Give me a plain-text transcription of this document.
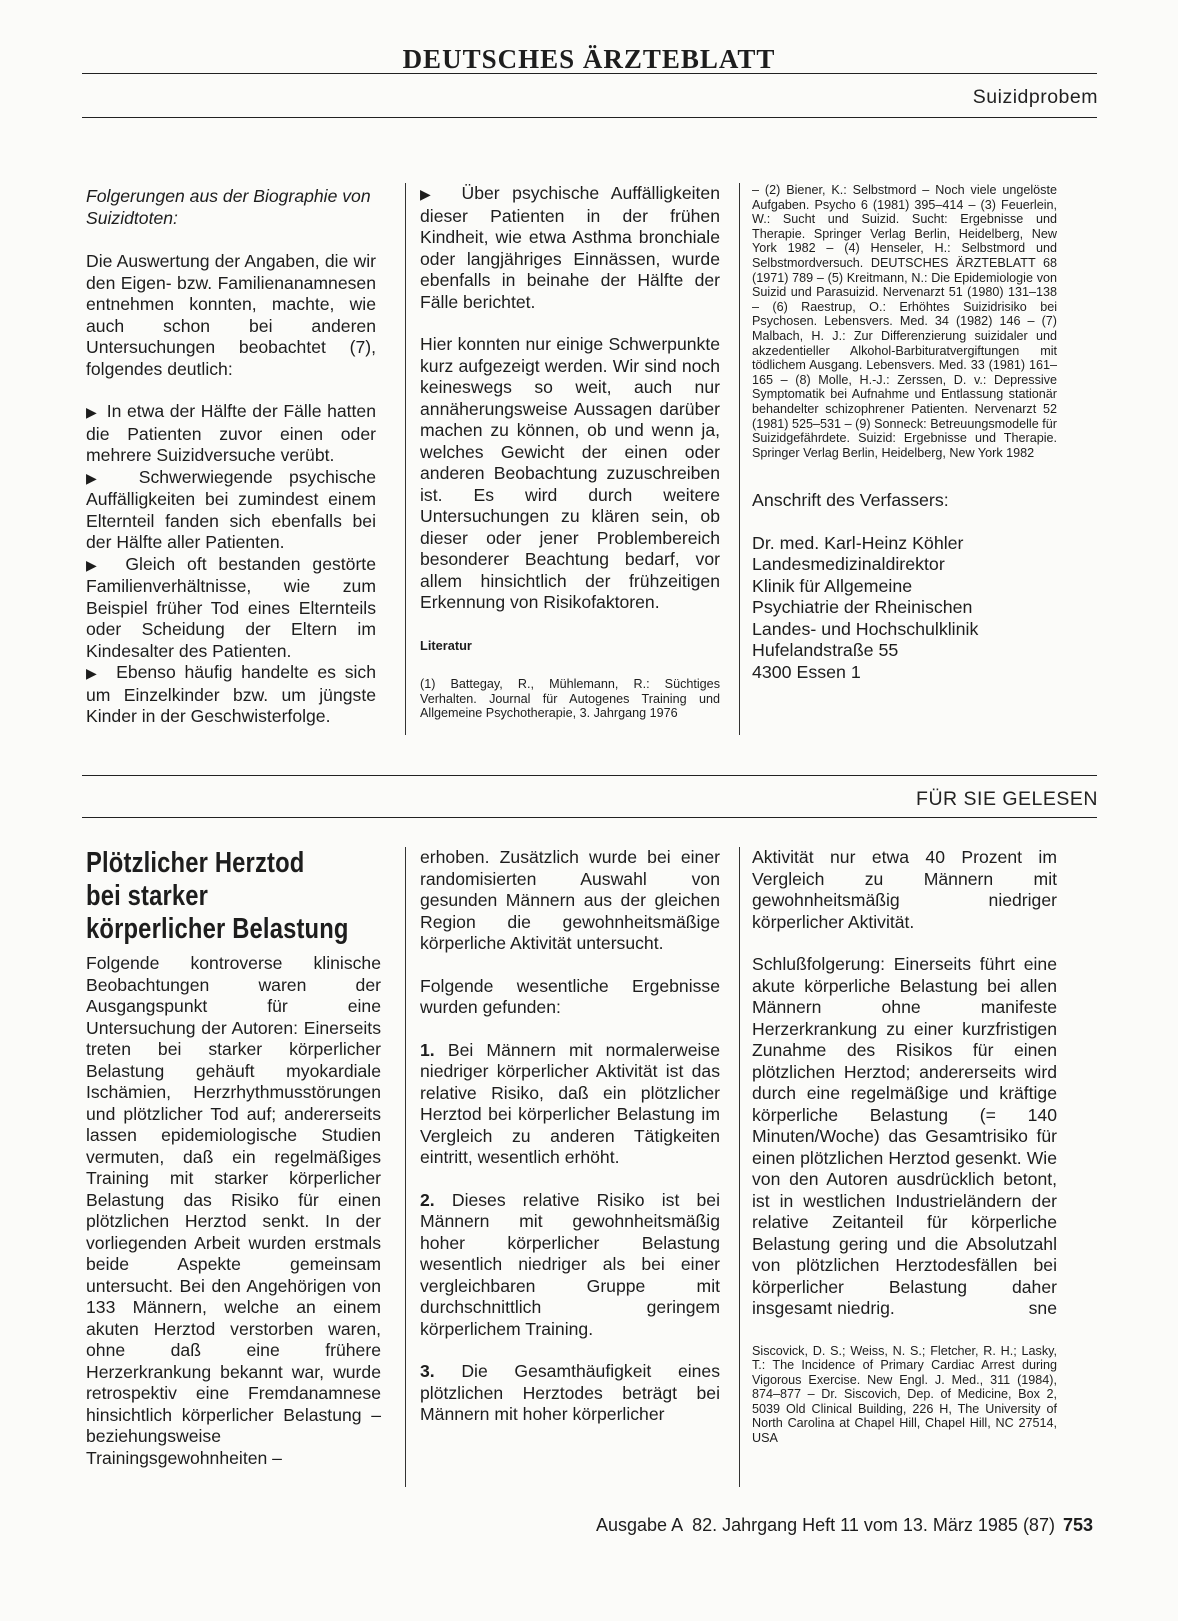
DEUTSCHES ÄRZTEBLATT
Suizidprobem

Folgerungen aus der Biographie von Suizidtoten:

Die Auswertung der Angaben, die wir den Eigen- bzw. Familienanamnesen entnehmen konnten, machte, wie auch schon bei anderen Untersuchungen beobachtet (7), folgendes deutlich:

▶  In etwa der Hälfte der Fälle hatten die Patienten zuvor einen oder mehrere Suizidversuche verübt.

▶  Schwerwiegende psychische Auffälligkeiten bei zumindest einem Elternteil fanden sich ebenfalls bei der Hälfte aller Patienten.

▶  Gleich oft bestanden gestörte Familienverhältnisse, wie zum Beispiel früher Tod eines Elternteils oder Scheidung der Eltern im Kindesalter des Patienten.

▶  Ebenso häufig handelte es sich um Einzelkinder bzw. um jüngste Kinder in der Geschwisterfolge.

▶  Über psychische Auffälligkeiten dieser Patienten in der frühen Kindheit, wie etwa Asthma bronchiale oder langjähriges Einnässen, wurde ebenfalls in beinahe der Hälfte der Fälle berichtet.

Hier konnten nur einige Schwerpunkte kurz aufgezeigt werden. Wir sind noch keineswegs so weit, auch nur annäherungsweise Aussagen darüber machen zu können, ob und wenn ja, welches Gewicht der einen oder anderen Beobachtung zuzuschreiben ist. Es wird durch weitere Untersuchungen zu klären sein, ob dieser oder jener Problembereich besonderer Beachtung bedarf, vor allem hinsichtlich der frühzeitigen Erkennung von Risikofaktoren.

Literatur

(1) Battegay, R., Mühlemann, R.: Süchtiges Verhalten. Journal für Autogenes Training und Allgemeine Psychotherapie, 3. Jahrgang 1976

– (2) Biener, K.: Selbstmord – Noch viele ungelöste Aufgaben. Psycho 6 (1981) 395–414 – (3) Feuerlein, W.: Sucht und Suizid. Sucht: Ergebnisse und Therapie. Springer Verlag Berlin, Heidelberg, New York 1982 – (4) Henseler, H.: Selbstmord und Selbstmordversuch. DEUTSCHES ÄRZTEBLATT 68 (1971) 789 – (5) Kreitmann, N.: Die Epidemiologie von Suizid und Parasuizid. Nervenarzt 51 (1980) 131–138 – (6) Raestrup, O.: Erhöhtes Suizidrisiko bei Psychosen. Lebensvers. Med. 34 (1982) 146 – (7) Malbach, H. J.: Zur Differenzierung suizidaler und akzedentieller Alkohol-Barbituratvergiftungen mit tödlichem Ausgang. Lebensvers. Med. 33 (1981) 161–165 – (8) Molle, H.-J.: Zerssen, D. v.: Depressive Symptomatik bei Aufnahme und Entlassung stationär behandelter schizophrener Patienten. Nervenarzt 52 (1981) 525–531 – (9) Sonneck: Betreuungsmodelle für Suizidgefährdete. Suizid: Ergebnisse und Therapie. Springer Verlag Berlin, Heidelberg, New York 1982

Anschrift des Verfassers:

Dr. med. Karl-Heinz Köhler
Landesmedizinaldirektor
Klinik für Allgemeine
Psychiatrie der Rheinischen
Landes- und Hochschulklinik
Hufelandstraße 55
4300 Essen 1
FÜR SIE GELESEN
Plötzlicher Herztod
bei starker
körperlicher Belastung

Folgende kontroverse klinische Beobachtungen waren der Ausgangspunkt für eine Untersuchung der Autoren: Einerseits treten bei starker körperlicher Belastung gehäuft myokardiale Ischämien, Herzrhythmusstörungen und plötzlicher Tod auf; andererseits lassen epidemiologische Studien vermuten, daß ein regelmäßiges Training mit starker körperlicher Belastung das Risiko für einen plötzlichen Herztod senkt. In der vorliegenden Arbeit wurden erstmals beide Aspekte gemeinsam untersucht. Bei den Angehörigen von 133 Männern, welche an einem akuten Herztod verstorben waren, ohne daß eine frühere Herzerkrankung bekannt war, wurde retrospektiv eine Fremdanamnese hinsichtlich körperlicher Belastung – beziehungsweise Trainingsgewohnheiten –

erhoben. Zusätzlich wurde bei einer randomisierten Auswahl von gesunden Männern aus der gleichen Region die gewohnheitsmäßige körperliche Aktivität untersucht.

Folgende wesentliche Ergebnisse wurden gefunden:

1. Bei Männern mit normalerweise niedriger körperlicher Aktivität ist das relative Risiko, daß ein plötzlicher Herztod bei körperlicher Belastung im Vergleich zu anderen Tätigkeiten eintritt, wesentlich erhöht.

2. Dieses relative Risiko ist bei Männern mit gewohnheitsmäßig hoher körperlicher Belastung wesentlich niedriger als bei einer vergleichbaren Gruppe mit durchschnittlich geringem körperlichem Training.

3. Die Gesamthäufigkeit eines plötzlichen Herztodes beträgt bei Männern mit hoher körperlicher

Aktivität nur etwa 40 Prozent im Vergleich zu Männern mit gewohnheitsmäßig niedriger körperlicher Aktivität.

Schlußfolgerung: Einerseits führt eine akute körperliche Belastung bei allen Männern ohne manifeste Herzerkrankung zu einer kurzfristigen Zunahme des Risikos für einen plötzlichen Herztod; andererseits wird durch eine regelmäßige und kräftige körperliche Belastung (= 140 Minuten/Woche) das Gesamtrisiko für einen plötzlichen Herztod gesenkt. Wie von den Autoren ausdrücklich betont, ist in westlichen Industrieländern der relative Zeitanteil für körperliche Belastung gering und die Absolutzahl von plötzlichen Herztodesfällen bei körperlicher Belastung daher insgesamt niedrig.	sne

Siscovick, D. S.; Weiss, N. S.; Fletcher, R. H.; Lasky, T.: The Incidence of Primary Cardiac Arrest during Vigorous Exercise. New Engl. J. Med., 311 (1984), 874–877 – Dr. Siscovich, Dep. of Medicine, Box 2, 5039 Old Clinical Building, 226 H, The University of North Carolina at Chapel Hill, Chapel Hill, NC 27514, USA

Ausgabe A  82. Jahrgang Heft 11 vom 13. März 1985 (87) 753
